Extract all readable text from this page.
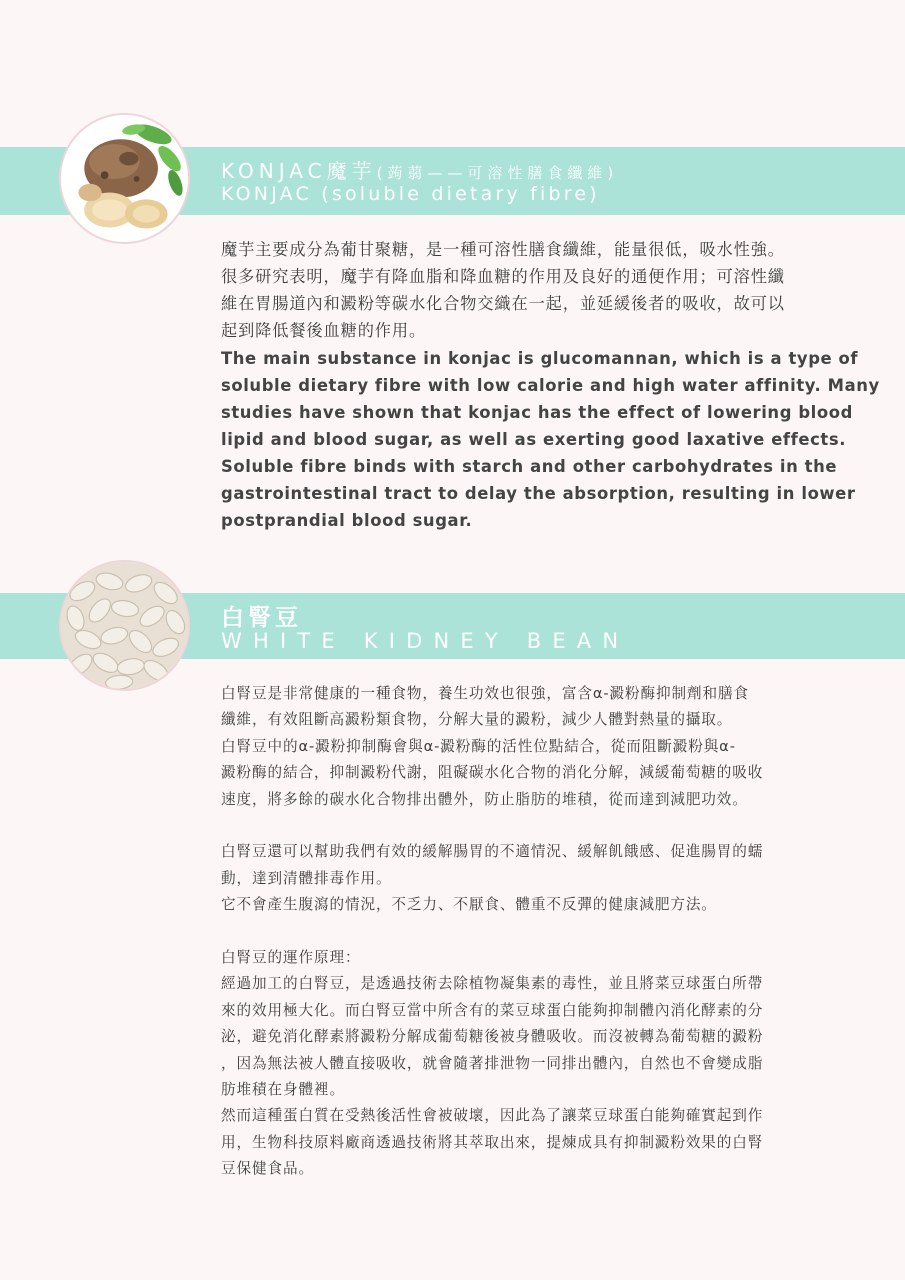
KONJAC魔芋(蒟蒻——可溶性膳食纖維)
KONJAC (soluble dietary fibre)

魔芋主要成分為葡甘聚糖，是一種可溶性膳食纖維，能量很低，吸水性強。

很多研究表明，魔芋有降血脂和降血糖的作用及良好的通便作用；可溶性纖

維在胃腸道內和澱粉等碳水化合物交織在一起，並延緩後者的吸收，故可以

起到降低餐後血糖的作用。

The main substance in konjac is glucomannan, which is a type of

soluble dietary fibre with low calorie and high water affinity. Many

studies have shown that konjac has the effect of lowering blood

lipid and blood sugar, as well as exerting good laxative effects.

Soluble fibre binds with starch and other carbohydrates in the

gastrointestinal tract to delay the absorption, resulting in lower

postprandial blood sugar.

白腎豆
WHITE KIDNEY BEAN

白腎豆是非常健康的一種食物，養生功效也很強，富含α-澱粉酶抑制劑和膳食

纖維，有效阻斷高澱粉類食物，分解大量的澱粉，減少人體對熱量的攝取。

白腎豆中的α-澱粉抑制酶會與α-澱粉酶的活性位點結合，從而阻斷澱粉與α-

澱粉酶的結合，抑制澱粉代謝，阻礙碳水化合物的消化分解，減緩葡萄糖的吸收

速度，將多餘的碳水化合物排出體外，防止脂肪的堆積，從而達到減肥功效。

白腎豆還可以幫助我們有效的緩解腸胃的不適情況、緩解飢餓感、促進腸胃的蠕

動，達到清體排毒作用。

它不會產生腹瀉的情況，不乏力、不厭食、體重不反彈的健康減肥方法。

白腎豆的運作原理：

經過加工的白腎豆，是透過技術去除植物凝集素的毒性，並且將菜豆球蛋白所帶

來的效用極大化。而白腎豆當中所含有的菜豆球蛋白能夠抑制體內消化酵素的分

泌，避免消化酵素將澱粉分解成葡萄糖後被身體吸收。而沒被轉為葡萄糖的澱粉

，因為無法被人體直接吸收，就會隨著排泄物一同排出體內，自然也不會變成脂

肪堆積在身體裡。

然而這種蛋白質在受熱後活性會被破壞，因此為了讓菜豆球蛋白能夠確實起到作

用，生物科技原料廠商透過技術將其萃取出來，提煉成具有抑制澱粉效果的白腎

豆保健食品。
